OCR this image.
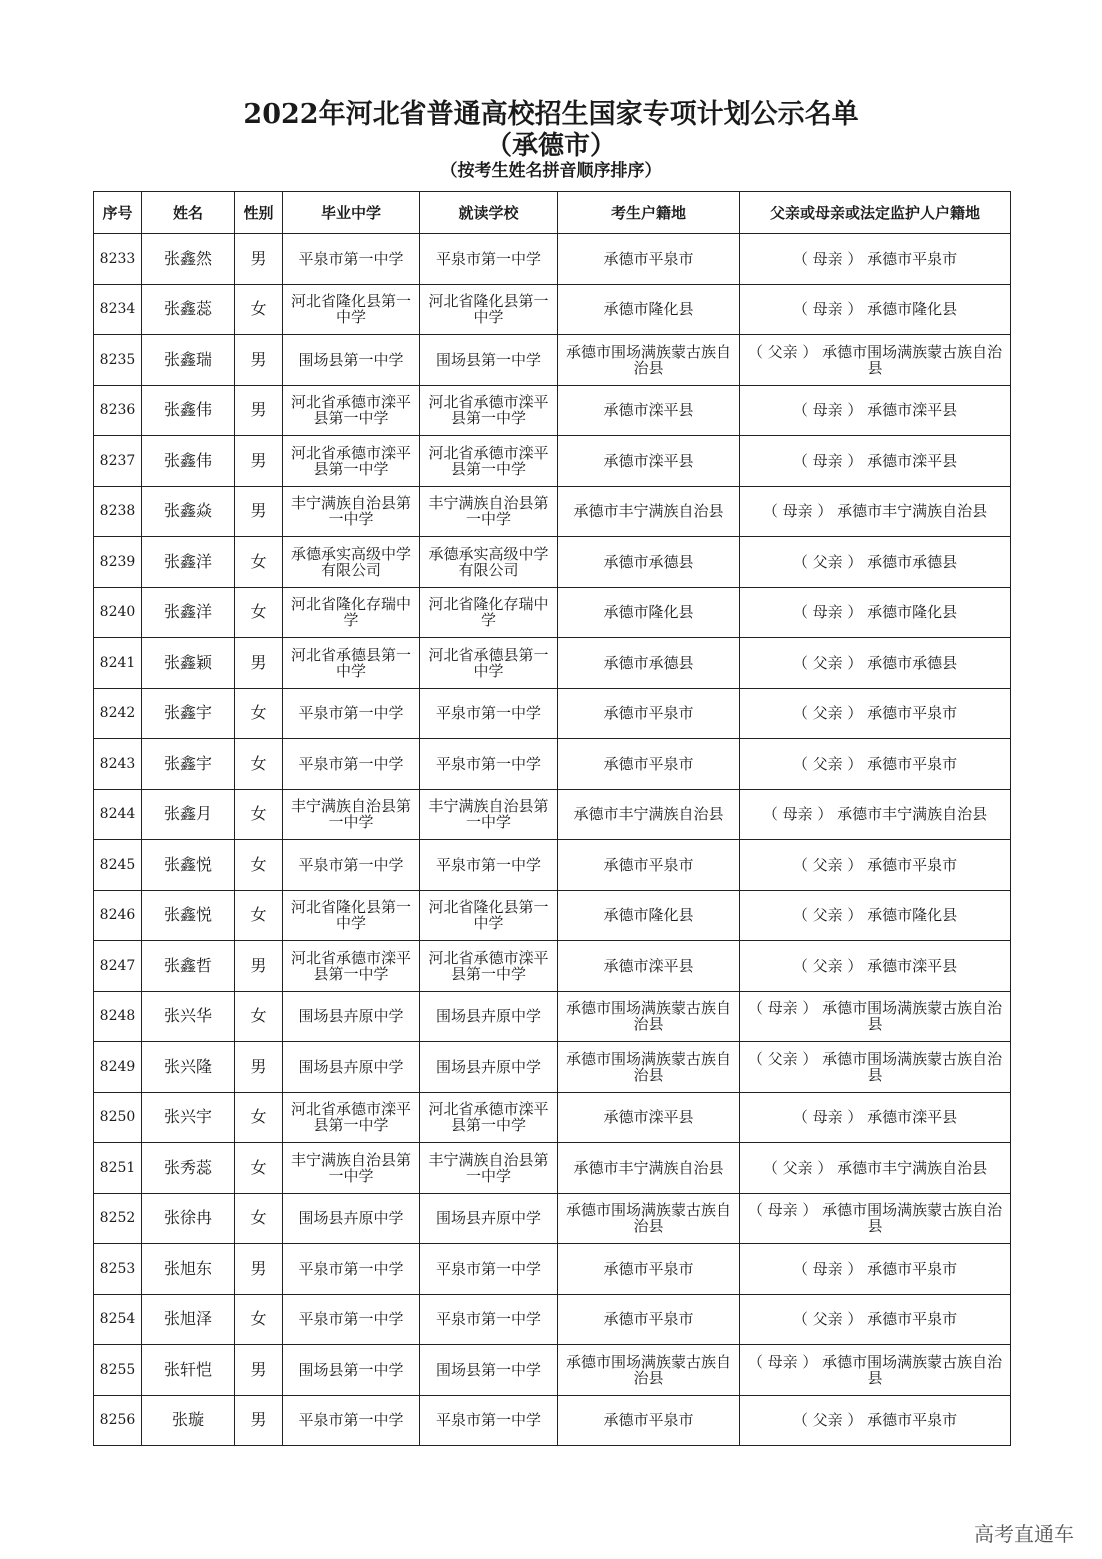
2022年河北省普通高校招生国家专项计划公示名单
（承德市）
（按考生姓名拼音顺序排序）
序号	姓名	性别	毕业中学	就读学校	考生户籍地	父亲或母亲或法定监护人户籍地
8233	张鑫然	男	平泉市第一中学	平泉市第一中学	承德市平泉市	（ 母亲 ） 承德市平泉市
8234	张鑫蕊	女	河北省隆化县第一中学	河北省隆化县第一中学	承德市隆化县	（ 母亲 ） 承德市隆化县
8235	张鑫瑞	男	围场县第一中学	围场县第一中学	承德市围场满族蒙古族自治县	（ 父亲 ） 承德市围场满族蒙古族自治县
8236	张鑫伟	男	河北省承德市滦平县第一中学	河北省承德市滦平县第一中学	承德市滦平县	（ 母亲 ） 承德市滦平县
8237	张鑫伟	男	河北省承德市滦平县第一中学	河北省承德市滦平县第一中学	承德市滦平县	（ 母亲 ） 承德市滦平县
8238	张鑫焱	男	丰宁满族自治县第一中学	丰宁满族自治县第一中学	承德市丰宁满族自治县	（ 母亲 ） 承德市丰宁满族自治县
8239	张鑫洋	女	承德承实高级中学有限公司	承德承实高级中学有限公司	承德市承德县	（ 父亲 ） 承德市承德县
8240	张鑫洋	女	河北省隆化存瑞中学	河北省隆化存瑞中学	承德市隆化县	（ 母亲 ） 承德市隆化县
8241	张鑫颖	男	河北省承德县第一中学	河北省承德县第一中学	承德市承德县	（ 父亲 ） 承德市承德县
8242	张鑫宇	女	平泉市第一中学	平泉市第一中学	承德市平泉市	（ 父亲 ） 承德市平泉市
8243	张鑫宇	女	平泉市第一中学	平泉市第一中学	承德市平泉市	（ 父亲 ） 承德市平泉市
8244	张鑫月	女	丰宁满族自治县第一中学	丰宁满族自治县第一中学	承德市丰宁满族自治县	（ 母亲 ） 承德市丰宁满族自治县
8245	张鑫悦	女	平泉市第一中学	平泉市第一中学	承德市平泉市	（ 父亲 ） 承德市平泉市
8246	张鑫悦	女	河北省隆化县第一中学	河北省隆化县第一中学	承德市隆化县	（ 父亲 ） 承德市隆化县
8247	张鑫哲	男	河北省承德市滦平县第一中学	河北省承德市滦平县第一中学	承德市滦平县	（ 父亲 ） 承德市滦平县
8248	张兴华	女	围场县卉原中学	围场县卉原中学	承德市围场满族蒙古族自治县	（ 母亲 ） 承德市围场满族蒙古族自治县
8249	张兴隆	男	围场县卉原中学	围场县卉原中学	承德市围场满族蒙古族自治县	（ 父亲 ） 承德市围场满族蒙古族自治县
8250	张兴宇	女	河北省承德市滦平县第一中学	河北省承德市滦平县第一中学	承德市滦平县	（ 母亲 ） 承德市滦平县
8251	张秀蕊	女	丰宁满族自治县第一中学	丰宁满族自治县第一中学	承德市丰宁满族自治县	（ 父亲 ） 承德市丰宁满族自治县
8252	张徐冉	女	围场县卉原中学	围场县卉原中学	承德市围场满族蒙古族自治县	（ 母亲 ） 承德市围场满族蒙古族自治县
8253	张旭东	男	平泉市第一中学	平泉市第一中学	承德市平泉市	（ 母亲 ） 承德市平泉市
8254	张旭泽	女	平泉市第一中学	平泉市第一中学	承德市平泉市	（ 父亲 ） 承德市平泉市
8255	张轩恺	男	围场县第一中学	围场县第一中学	承德市围场满族蒙古族自治县	（ 母亲 ） 承德市围场满族蒙古族自治县
8256	张璇	男	平泉市第一中学	平泉市第一中学	承德市平泉市	（ 父亲 ） 承德市平泉市
高考直通车
